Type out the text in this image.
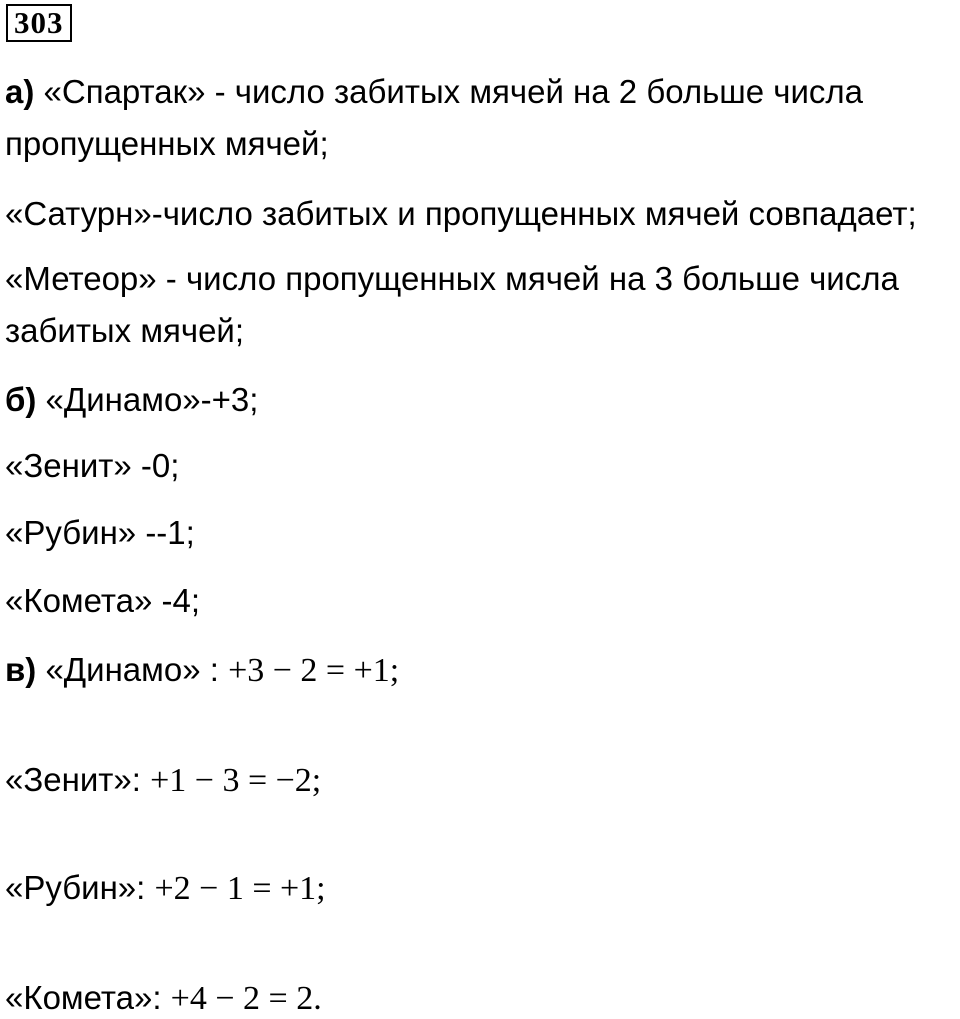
303
а) «Спартак» - число забитых мячей на 2 больше числа
пропущенных мячей;
«Сатурн»-число забитых и пропущенных мячей совпадает;
«Метеор» - число пропущенных мячей на 3 больше числа
забитых мячей;
б) «Динамо»-+3;
«Зенит» -0;
«Рубин» --1;
«Комета» -4;
в) «Динамо» : +3 − 2 = +1;
«Зенит»: +1 − 3 = −2;
«Рубин»: +2 − 1 = +1;
«Комета»: +4 − 2 = 2.
